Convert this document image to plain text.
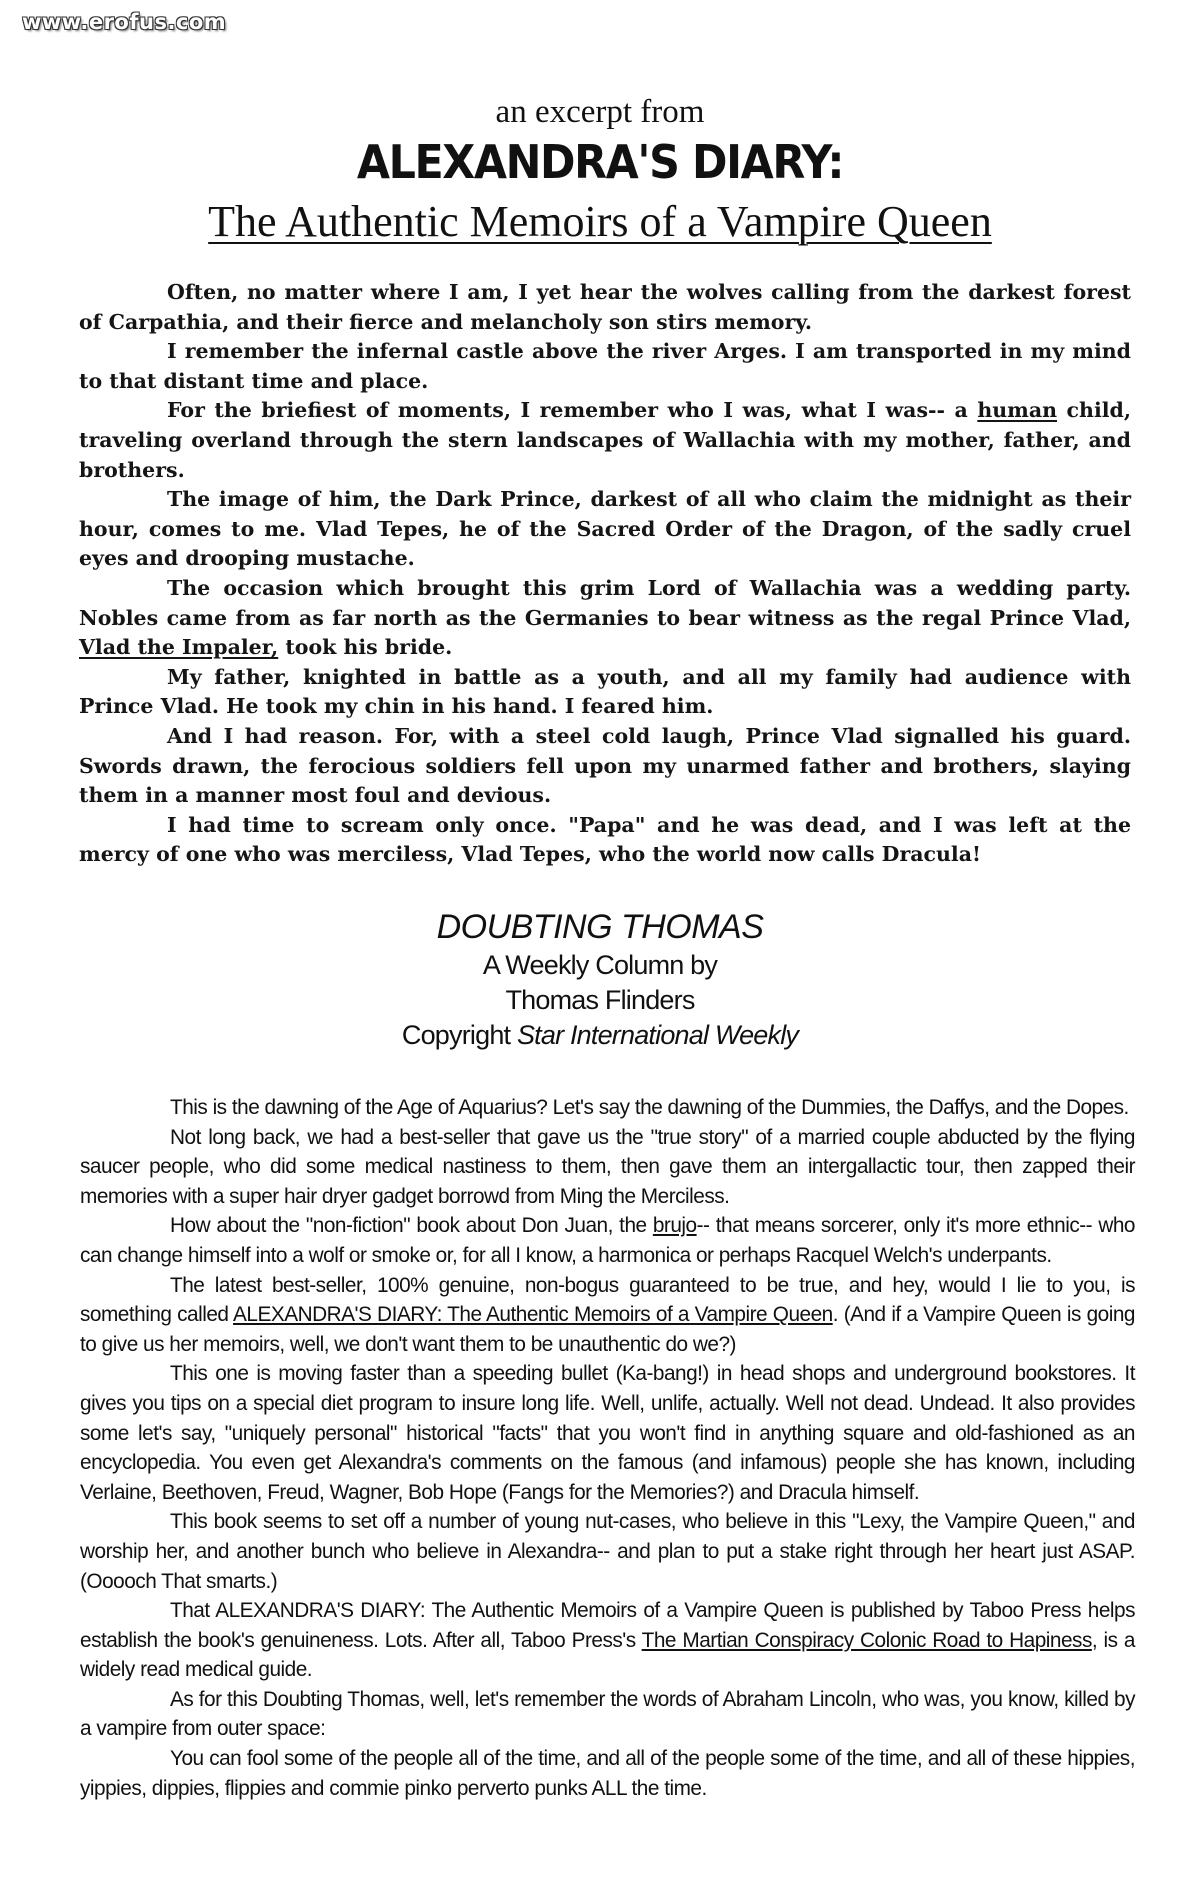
www.erofus.com
an excerpt from
ALEXANDRA'S DIARY:
The Authentic Memoirs of a Vampire Queen

Often, no matter where I am, I yet hear the wolves calling from the darkest forest of Carpathia, and their fierce and melancholy son stirs memory.

I remember the infernal castle above the river Arges. I am transported in my mind to that distant time and place.

For the briefiest of moments, I remember who I was, what I was-- a human child, traveling overland through the stern landscapes of Wallachia with my mother, father, and brothers.

The image of him, the Dark Prince, darkest of all who claim the midnight as their hour, comes to me. Vlad Tepes, he of the Sacred Order of the Dragon, of the sadly cruel eyes and drooping mustache.

The occasion which brought this grim Lord of Wallachia was a wedding party. Nobles came from as far north as the Germanies to bear witness as the regal Prince Vlad, Vlad the Impaler, took his bride.

My father, knighted in battle as a youth, and all my family had audience with Prince Vlad. He took my chin in his hand. I feared him.

And I had reason. For, with a steel cold laugh, Prince Vlad signalled his guard. Swords drawn, the ferocious soldiers fell upon my unarmed father and brothers, slaying them in a manner most foul and devious.

I had time to scream only once. "Papa" and he was dead, and I was left at the mercy of one who was merciless, Vlad Tepes, who the world now calls Dracula!

DOUBTING THOMAS
A Weekly Column by
Thomas Flinders
Copyright Star International Weekly

This is the dawning of the Age of Aquarius? Let's say the dawning of the Dummies, the Daffys, and the Dopes.

Not long back, we had a best-seller that gave us the "true story" of a married couple abducted by the flying saucer people, who did some medical nastiness to them, then gave them an intergallactic tour, then zapped their memories with a super hair dryer gadget borrowd from Ming the Merciless.

How about the "non-fiction" book about Don Juan, the brujo-- that means sorcerer, only it's more ethnic-- who can change himself into a wolf or smoke or, for all I know, a harmonica or perhaps Racquel Welch's underpants.

The latest best-seller, 100% genuine, non-bogus guaranteed to be true, and hey, would I lie to you, is something called ALEXANDRA'S DIARY: The Authentic Memoirs of a Vampire Queen. (And if a Vampire Queen is going to give us her memoirs, well, we don't want them to be unauthentic do we?)

This one is moving faster than a speeding bullet (Ka-bang!) in head shops and underground bookstores. It gives you tips on a special diet program to insure long life. Well, unlife, actually. Well not dead. Undead. It also provides some let's say, "uniquely personal" historical "facts" that you won't find in anything square and old-fashioned as an encyclopedia. You even get Alexandra's comments on the famous (and infamous) people she has known, including Verlaine, Beethoven, Freud, Wagner, Bob Hope (Fangs for the Memories?) and Dracula himself.

This book seems to set off a number of young nut-cases, who believe in this "Lexy, the Vampire Queen," and worship her, and another bunch who believe in Alexandra-- and plan to put a stake right through her heart just ASAP. (Ooooch That smarts.)

That ALEXANDRA'S DIARY: The Authentic Memoirs of a Vampire Queen is published by Taboo Press helps establish the book's genuineness. Lots. After all, Taboo Press's The Martian Conspiracy Colonic Road to Hapiness, is a widely read medical guide.

As for this Doubting Thomas, well, let's remember the words of Abraham Lincoln, who was, you know, killed by a vampire from outer space:

You can fool some of the people all of the time, and all of the people some of the time, and all of these hippies, yippies, dippies, flippies and commie pinko perverto punks ALL the time.
